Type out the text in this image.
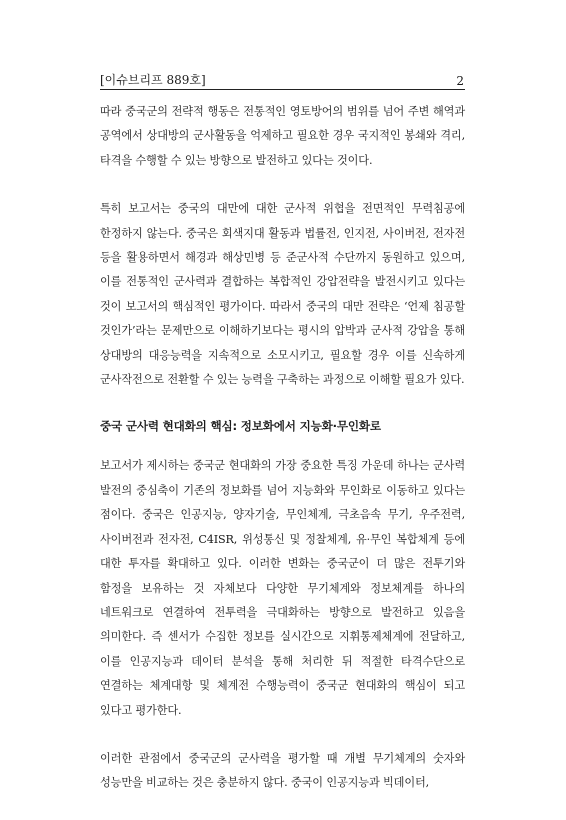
[이슈브리프 889호]	2

따라 중국군의 전략적 행동은 전통적인 영토방어의 범위를 넘어 주변 해역과 공역에서 상대방의 군사활동을 억제하고 필요한 경우 국지적인 봉쇄와 격리, 타격을 수행할 수 있는 방향으로 발전하고 있다는 것이다.

특히 보고서는 중국의 대만에 대한 군사적 위협을 전면적인 무력침공에 한정하지 않는다. 중국은 회색지대 활동과 법률전, 인지전, 사이버전, 전자전 등을 활용하면서 해경과 해상민병 등 준군사적 수단까지 동원하고 있으며, 이를 전통적인 군사력과 결합하는 복합적인 강압전략을 발전시키고 있다는 것이 보고서의 핵심적인 평가이다. 따라서 중국의 대만 전략은 ‘언제 침공할 것인가’라는 문제만으로 이해하기보다는 평시의 압박과 군사적 강압을 통해 상대방의 대응능력을 지속적으로 소모시키고, 필요할 경우 이를 신속하게 군사작전으로 전환할 수 있는 능력을 구축하는 과정으로 이해할 필요가 있다.

중국 군사력 현대화의 핵심: 정보화에서 지능화·무인화로

보고서가 제시하는 중국군 현대화의 가장 중요한 특징 가운데 하나는 군사력 발전의 중심축이 기존의 정보화를 넘어 지능화와 무인화로 이동하고 있다는 점이다. 중국은 인공지능, 양자기술, 무인체계, 극초음속 무기, 우주전력, 사이버전과 전자전, C4ISR, 위성통신 및 정찰체계, 유·무인 복합체계 등에 대한 투자를 확대하고 있다. 이러한 변화는 중국군이 더 많은 전투기와 함정을 보유하는 것 자체보다 다양한 무기체계와 정보체계를 하나의 네트워크로 연결하여 전투력을 극대화하는 방향으로 발전하고 있음을 의미한다. 즉 센서가 수집한 정보를 실시간으로 지휘통제체계에 전달하고, 이를 인공지능과 데이터 분석을 통해 처리한 뒤 적절한 타격수단으로 연결하는 체계대항 및 체계전 수행능력이 중국군 현대화의 핵심이 되고 있다고 평가한다.

이러한 관점에서 중국군의 군사력을 평가할 때 개별 무기체계의 숫자와 성능만을 비교하는 것은 충분하지 않다. 중국이 인공지능과 빅데이터,
